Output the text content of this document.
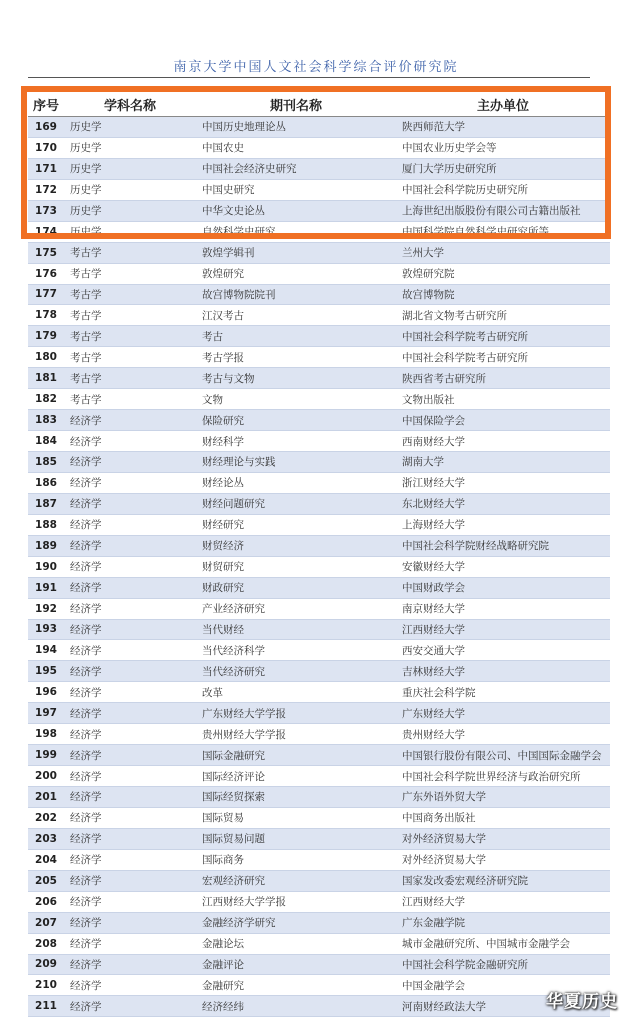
南京大学中国人文社会科学综合评价研究院
序号	学科名称	期刊名称	主办单位
169	历史学	中国历史地理论丛	陕西师范大学
170	历史学	中国农史	中国农业历史学会等
171	历史学	中国社会经济史研究	厦门大学历史研究所
172	历史学	中国史研究	中国社会科学院历史研究所
173	历史学	中华文史论丛	上海世纪出版股份有限公司古籍出版社
174	历史学	自然科学史研究	中国科学院自然科学史研究所等
175	考古学	敦煌学辑刊	兰州大学
176	考古学	敦煌研究	敦煌研究院
177	考古学	故宫博物院院刊	故宫博物院
178	考古学	江汉考古	湖北省文物考古研究所
179	考古学	考古	中国社会科学院考古研究所
180	考古学	考古学报	中国社会科学院考古研究所
181	考古学	考古与文物	陕西省考古研究所
182	考古学	文物	文物出版社
183	经济学	保险研究	中国保险学会
184	经济学	财经科学	西南财经大学
185	经济学	财经理论与实践	湖南大学
186	经济学	财经论丛	浙江财经大学
187	经济学	财经问题研究	东北财经大学
188	经济学	财经研究	上海财经大学
189	经济学	财贸经济	中国社会科学院财经战略研究院
190	经济学	财贸研究	安徽财经大学
191	经济学	财政研究	中国财政学会
192	经济学	产业经济研究	南京财经大学
193	经济学	当代财经	江西财经大学
194	经济学	当代经济科学	西安交通大学
195	经济学	当代经济研究	吉林财经大学
196	经济学	改革	重庆社会科学院
197	经济学	广东财经大学学报	广东财经大学
198	经济学	贵州财经大学学报	贵州财经大学
199	经济学	国际金融研究	中国银行股份有限公司、中国国际金融学会
200	经济学	国际经济评论	中国社会科学院世界经济与政治研究所
201	经济学	国际经贸探索	广东外语外贸大学
202	经济学	国际贸易	中国商务出版社
203	经济学	国际贸易问题	对外经济贸易大学
204	经济学	国际商务	对外经济贸易大学
205	经济学	宏观经济研究	国家发改委宏观经济研究院
206	经济学	江西财经大学学报	江西财经大学
207	经济学	金融经济学研究	广东金融学院
208	经济学	金融论坛	城市金融研究所、中国城市金融学会
209	经济学	金融评论	中国社会科学院金融研究所
210	经济学	金融研究	中国金融学会
211	经济学	经济经纬	河南财经政法大学	华夏历史
